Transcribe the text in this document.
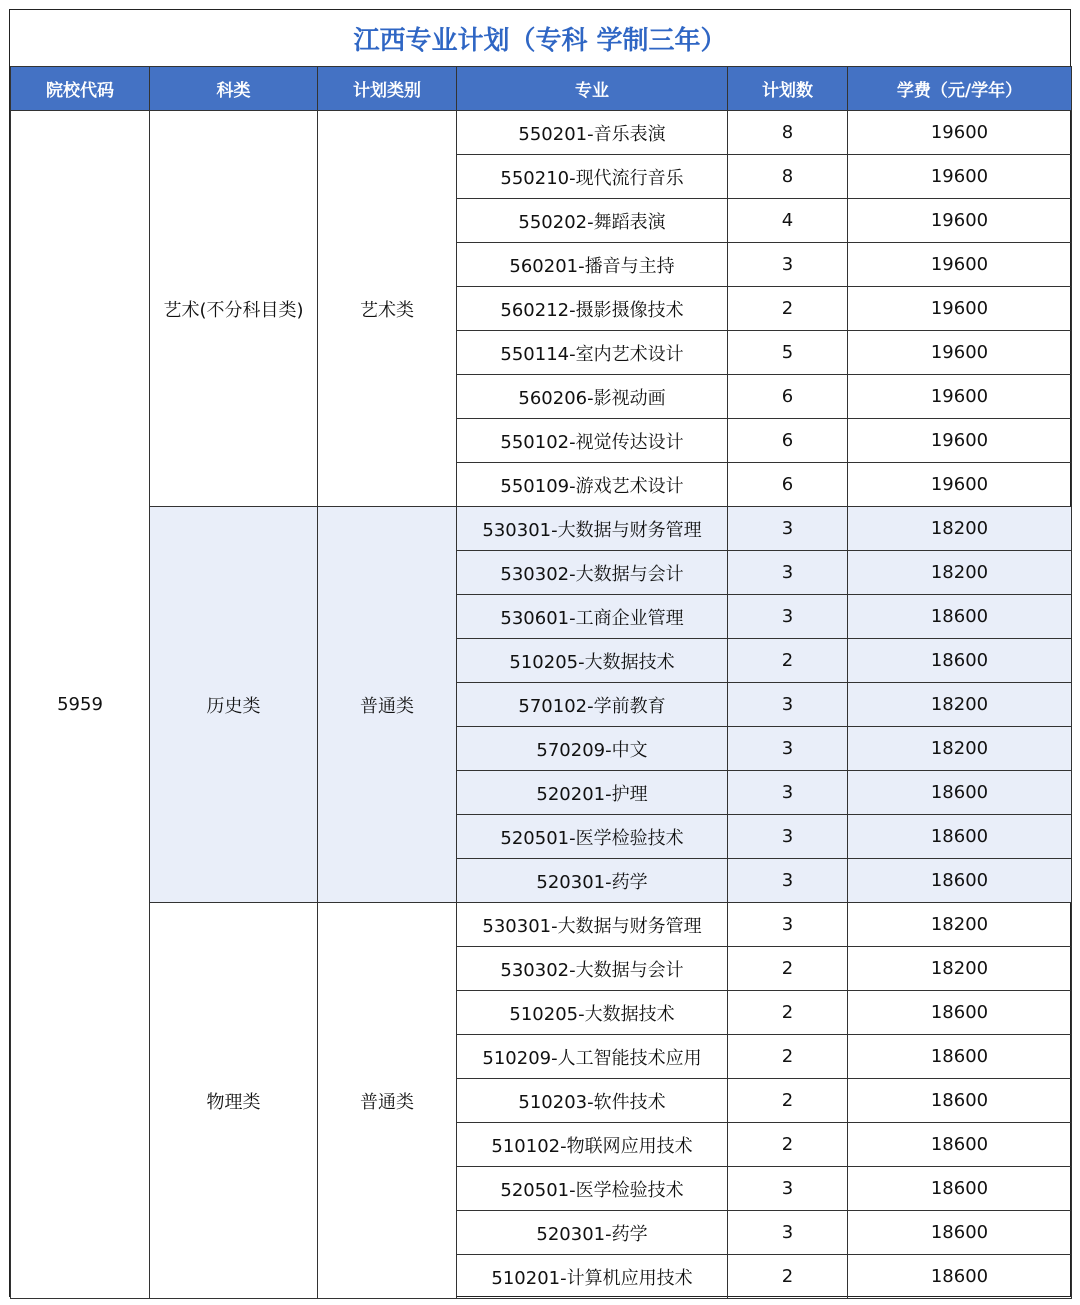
江西专业计划（专科 学制三年）
院校代码	科类	计划类别	专业	计划数	学费（元/学年）
5959	艺术(不分科目类)	艺术类	550201-音乐表演	8	19600
			550210-现代流行音乐	8	19600
			550202-舞蹈表演	4	19600
			560201-播音与主持	3	19600
			560212-摄影摄像技术	2	19600
			550114-室内艺术设计	5	19600
			560206-影视动画	6	19600
			550102-视觉传达设计	6	19600
			550109-游戏艺术设计	6	19600
	历史类	普通类	530301-大数据与财务管理	3	18200
			530302-大数据与会计	3	18200
			530601-工商企业管理	3	18600
			510205-大数据技术	2	18600
			570102-学前教育	3	18200
			570209-中文	3	18200
			520201-护理	3	18600
			520501-医学检验技术	3	18600
			520301-药学	3	18600
	物理类	普通类	530301-大数据与财务管理	3	18200
			530302-大数据与会计	2	18200
			510205-大数据技术	2	18600
			510209-人工智能技术应用	2	18600
			510203-软件技术	2	18600
			510102-物联网应用技术	2	18600
			520501-医学检验技术	3	18600
			520301-药学	3	18600
			510201-计算机应用技术	2	18600
